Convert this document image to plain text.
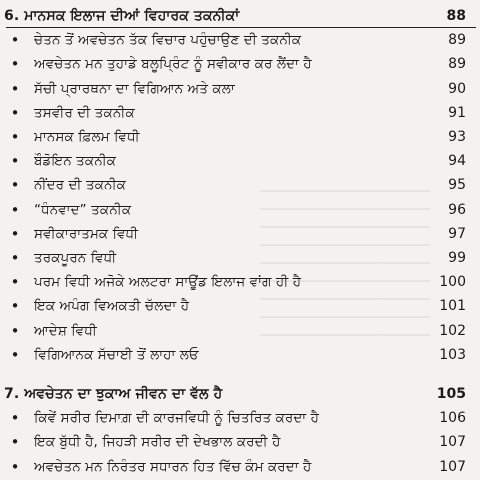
6. ਮਾਨਸਕ ਇਲਾਜ ਦੀਆਂ ਵਿਹਾਰਕ ਤਕਨੀਕਾਂ	88
• ਚੇਤਨ ਤੋਂ ਅਵਚੇਤਨ ਤੱਕ ਵਿਚਾਰ ਪਹੁੰਚਾਉਣ ਦੀ ਤਕਨੀਕ	89
• ਅਵਚੇਤਨ ਮਨ ਤੁਹਾਡੇ ਬਲੂਪ੍ਰਿੰਟ ਨੂੰ ਸਵੀਕਾਰ ਕਰ ਲੈਂਦਾ ਹੈ	89
• ਸੱਚੀ ਪ੍ਰਾਰਥਨਾ ਦਾ ਵਿਗਿਆਨ ਅਤੇ ਕਲਾ	90
• ਤਸਵੀਰ ਦੀ ਤਕਨੀਕ	91
• ਮਾਨਸਕ ਫ਼ਿਲਮ ਵਿਧੀ	93
• ਬੌਡੋਇਨ ਤਕਨੀਕ	94
• ਨੀਂਦਰ ਦੀ ਤਕਨੀਕ	95
• “ਧੰਨਵਾਦ” ਤਕਨੀਕ	96
• ਸਵੀਕਾਰਾਤਮਕ ਵਿਧੀ	97
• ਤਰਕਪੂਰਨ ਵਿਧੀ	99
• ਪਰਮ ਵਿਧੀ ਅਜੋਕੇ ਅਲਟਰਾ ਸਾਊਂਡ ਇਲਾਜ ਵਾਂਗ ਹੀ ਹੈ	100
• ਇਕ ਅਪੰਗ ਵਿਅਕਤੀ ਚੱਲਦਾ ਹੈ	101
• ਆਦੇਸ਼ ਵਿਧੀ	102
• ਵਿਗਿਆਨਕ ਸੱਚਾਈ ਤੋਂ ਲਾਹਾ ਲਓ	103
7. ਅਵਚੇਤਨ ਦਾ ਝੁਕਾਅ ਜੀਵਨ ਦਾ ਵੱਲ ਹੈ	105
• ਕਿਵੇਂ ਸਰੀਰ ਦਿਮਾਗ਼ ਦੀ ਕਾਰਜਵਿਧੀ ਨੂੰ ਚਿਤਰਿਤ ਕਰਦਾ ਹੈ	106
• ਇਕ ਬੁੱਧੀ ਹੈ, ਜਿਹੜੀ ਸਰੀਰ ਦੀ ਦੇਖਭਾਲ ਕਰਦੀ ਹੈ	107
• ਅਵਚੇਤਨ ਮਨ ਨਿਰੰਤਰ ਸਧਾਰਨ ਹਿਤ ਵਿੱਚ ਕੰਮ ਕਰਦਾ ਹੈ	107
